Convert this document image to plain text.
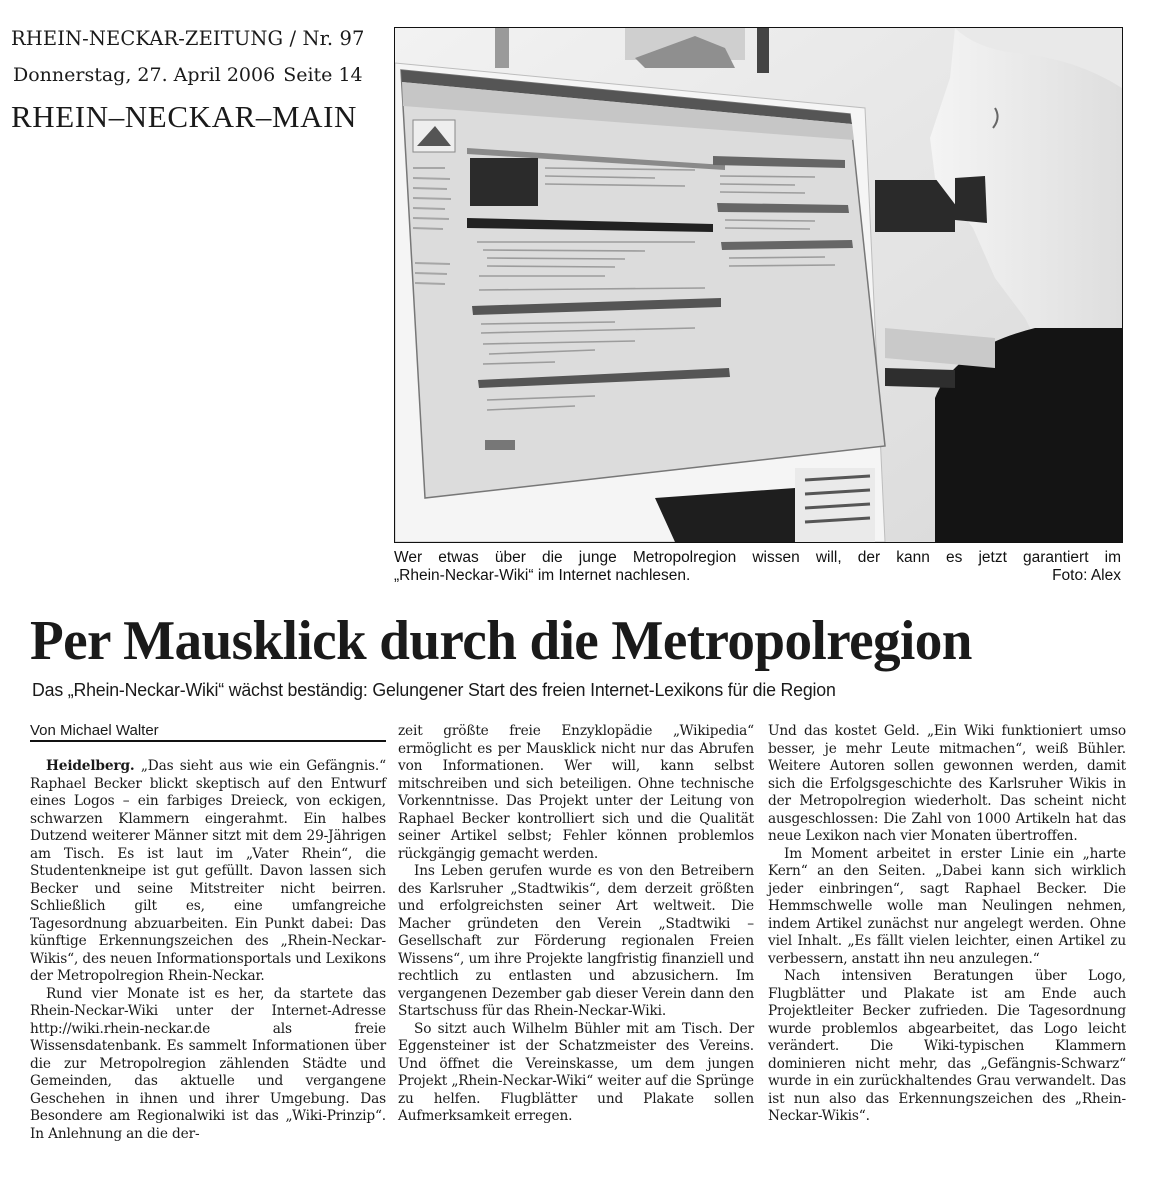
RHEIN-NECKAR-ZEITUNG / Nr. 97
Donnerstag, 27. April 2006 Seite 14
RHEIN–NECKAR–MAIN
Wer etwas über die junge Metropolregion wissen will, der kann es jetzt garantiert im
„Rhein-Neckar-Wiki“ im Internet nachlesen.	Foto: Alex
Per Mausklick durch die Metropolregion
Das „Rhein-Neckar-Wiki“ wächst beständig: Gelungener Start des freien Internet-Lexikons für die Region
Von Michael Walter

Heidelberg. „Das sieht aus wie ein Gefängnis.“ Raphael Becker blickt skeptisch auf den Entwurf eines Logos – ein farbiges Dreieck, von eckigen, schwarzen Klammern eingerahmt. Ein halbes Dutzend weiterer Männer sitzt mit dem 29-Jährigen am Tisch. Es ist laut im „Vater Rhein“, die Studentenkneipe ist gut gefüllt. Davon lassen sich Becker und seine Mitstreiter nicht beirren. Schließlich gilt es, eine umfangreiche Tagesordnung abzuarbeiten. Ein Punkt dabei: Das künftige Erkennungszeichen des „Rhein-Neckar-Wikis“, des neuen Informationsportals und Lexikons der Metropolregion Rhein-Neckar.

Rund vier Monate ist es her, da startete das Rhein-Neckar-Wiki unter der Internet-Adresse http://wiki.rhein-neckar.de als freie Wissensdatenbank. Es sammelt Informationen über die zur Metropolregion zählenden Städte und Gemeinden, das aktuelle und vergangene Geschehen in ihnen und ihrer Umgebung. Das Besondere am Regionalwiki ist das „Wiki-Prinzip“. In Anlehnung an die der-

zeit größte freie Enzyklopädie „Wikipedia“ ermöglicht es per Mausklick nicht nur das Abrufen von Informationen. Wer will, kann selbst mitschreiben und sich beteiligen. Ohne technische Vorkenntnisse. Das Projekt unter der Leitung von Raphael Becker kontrolliert sich und die Qualität seiner Artikel selbst; Fehler können problemlos rückgängig gemacht werden.

Ins Leben gerufen wurde es von den Betreibern des Karlsruher „Stadtwikis“, dem derzeit größten und erfolgreichsten seiner Art weltweit. Die Macher gründeten den Verein „Stadtwiki – Gesellschaft zur Förderung regionalen Freien Wissens“, um ihre Projekte langfristig finanziell und rechtlich zu entlasten und abzusichern. Im vergangenen Dezember gab dieser Verein dann den Startschuss für das Rhein-Neckar-Wiki.

So sitzt auch Wilhelm Bühler mit am Tisch. Der Eggensteiner ist der Schatzmeister des Vereins. Und öffnet die Vereinskasse, um dem jungen Projekt „Rhein-Neckar-Wiki“ weiter auf die Sprünge zu helfen. Flugblätter und Plakate sollen Aufmerksamkeit erregen.

Und das kostet Geld. „Ein Wiki funktioniert umso besser, je mehr Leute mitmachen“, weiß Bühler. Weitere Autoren sollen gewonnen werden, damit sich die Erfolgsgeschichte des Karlsruher Wikis in der Metropolregion wiederholt. Das scheint nicht ausgeschlossen: Die Zahl von 1000 Artikeln hat das neue Lexikon nach vier Monaten übertroffen.

Im Moment arbeitet in erster Linie ein „harte Kern“ an den Seiten. „Dabei kann sich wirklich jeder einbringen“, sagt Raphael Becker. Die Hemmschwelle wolle man Neulingen nehmen, indem Artikel zunächst nur angelegt werden. Ohne viel Inhalt. „Es fällt vielen leichter, einen Artikel zu verbessern, anstatt ihn neu anzulegen.“

Nach intensiven Beratungen über Logo, Flugblätter und Plakate ist am Ende auch Projektleiter Becker zufrieden. Die Tagesordnung wurde problemlos abgearbeitet, das Logo leicht verändert. Die Wiki-typischen Klammern dominieren nicht mehr, das „Gefängnis-Schwarz“ wurde in ein zurückhaltendes Grau verwandelt. Das ist nun also das Erkennungszeichen des „Rhein-Neckar-Wikis“.
